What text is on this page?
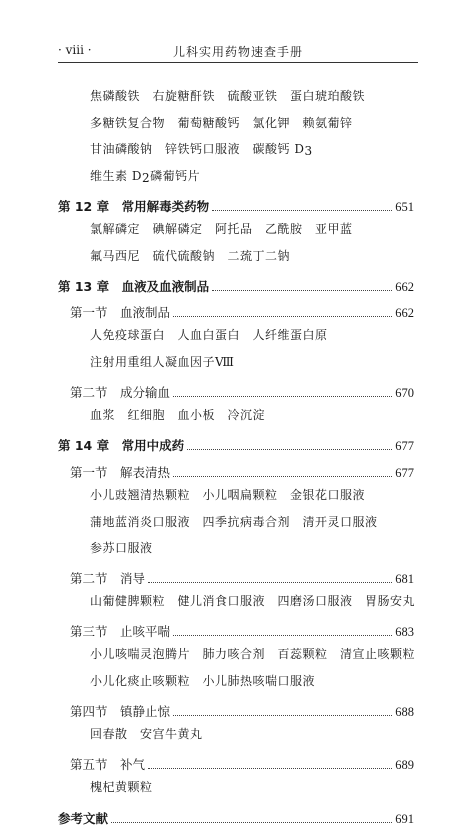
· viii ·	儿科实用药物速查手册
焦磷酸铁　右旋糖酐铁　硫酸亚铁　蛋白琥珀酸铁
多糖铁复合物　葡萄糖酸钙　氯化钾　赖氨葡锌
甘油磷酸钠　锌铁钙口服液　碳酸钙 D3
维生素 D2磷葡钙片
第 12 章　常用解毒类药物	651
氯解磷定　碘解磷定　阿托品　乙酰胺　亚甲蓝
氟马西尼　硫代硫酸钠　二巯丁二钠
第 13 章　血液及血液制品	662
第一节　血液制品	662
人免疫球蛋白　人血白蛋白　人纤维蛋白原
注射用重组人凝血因子Ⅷ
第二节　成分输血	670
血浆　红细胞　血小板　冷沉淀
第 14 章　常用中成药	677
第一节　解表清热	677
小儿豉翘清热颗粒　小儿咽扁颗粒　金银花口服液
蒲地蓝消炎口服液　四季抗病毒合剂　清开灵口服液
参苏口服液
第二节　消导	681
山葡健脾颗粒　健儿消食口服液　四磨汤口服液　胃肠安丸
第三节　止咳平喘	683
小儿咳喘灵泡腾片　肺力咳合剂　百蕊颗粒　清宣止咳颗粒
小儿化痰止咳颗粒　小儿肺热咳喘口服液
第四节　镇静止惊	688
回春散　安宫牛黄丸
第五节　补气	689
槐杞黄颗粒
参考文献	691
